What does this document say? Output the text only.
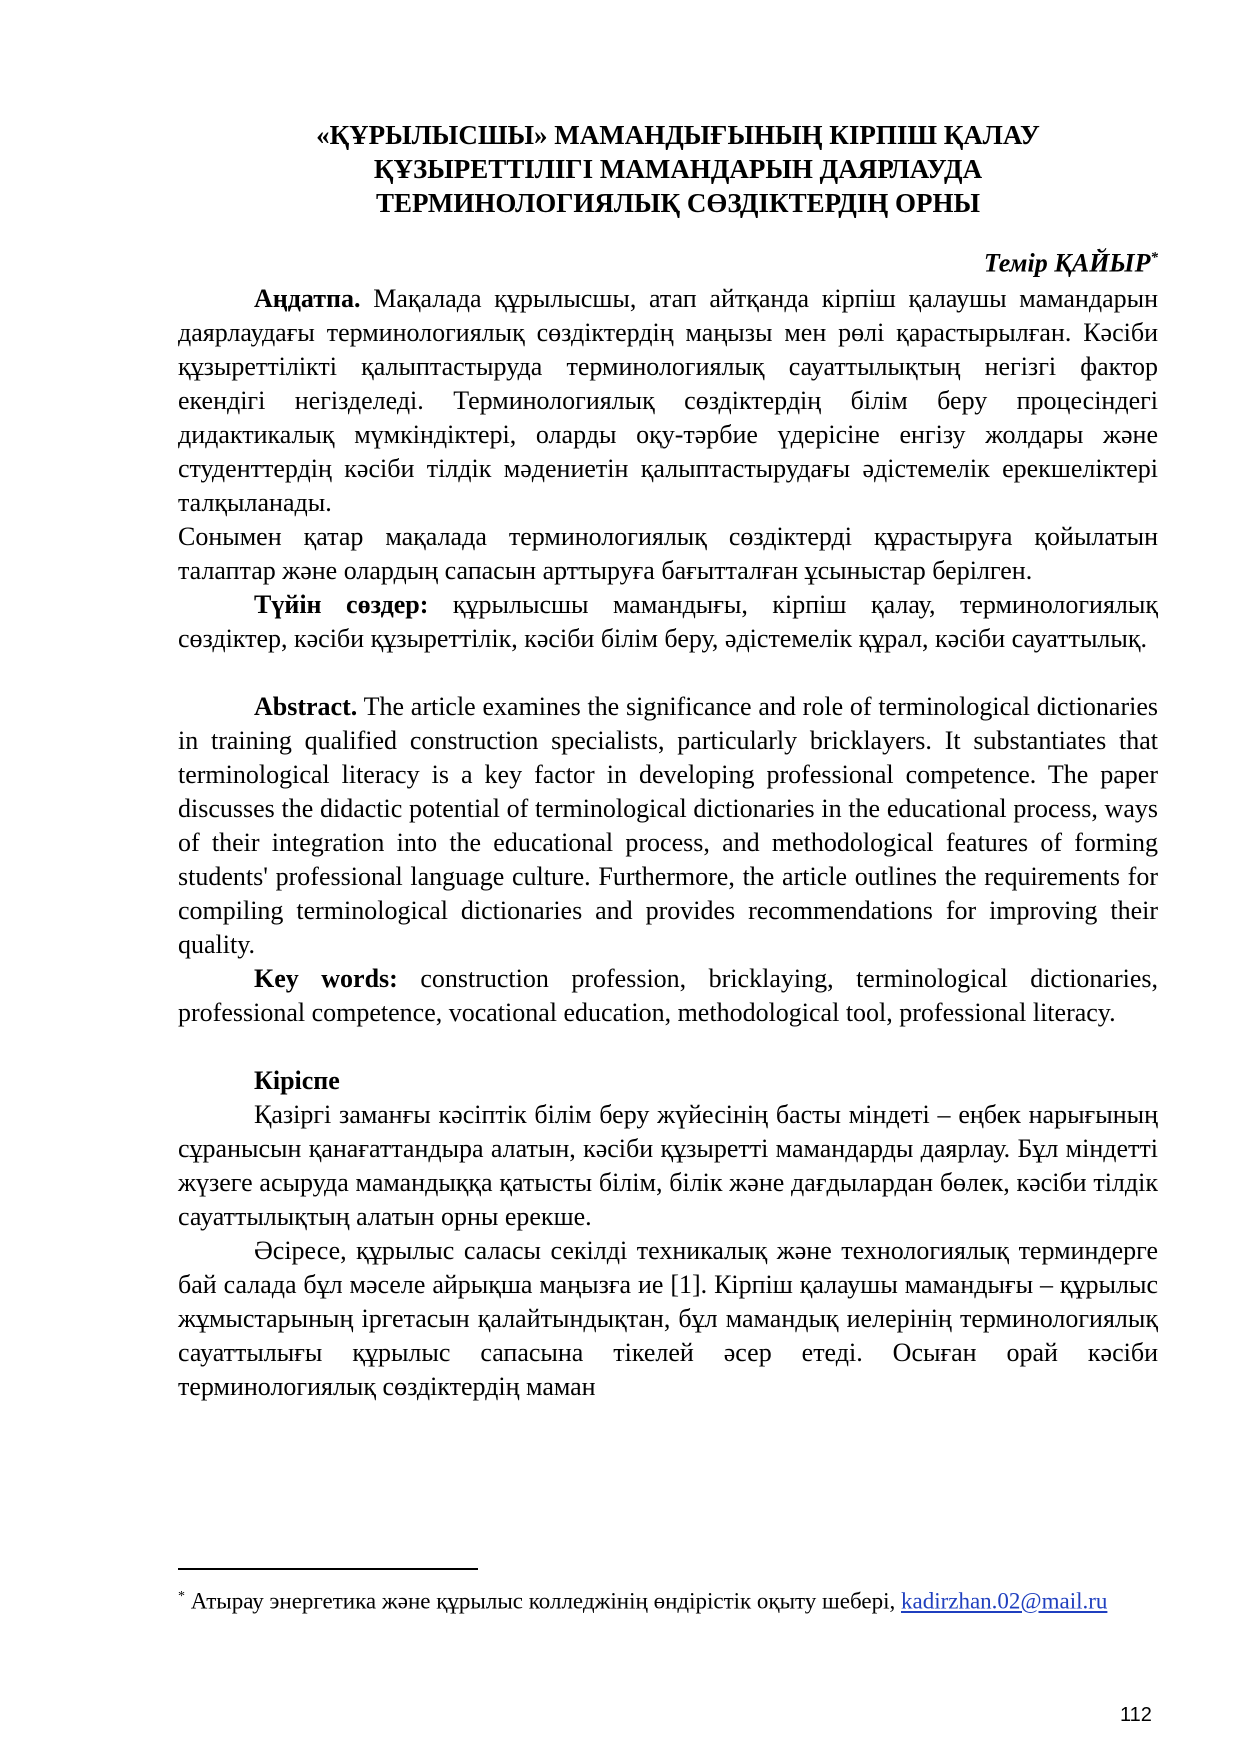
«ҚҰРЫЛЫСШЫ» МАМАНДЫҒЫНЫҢ КІРПІШ ҚАЛАУ
ҚҰЗЫРЕТТІЛІГІ МАМАНДАРЫН ДАЯРЛАУДА
ТЕРМИНОЛОГИЯЛЫҚ СӨЗДІКТЕРДІҢ ОРНЫ
Темір ҚАЙЫР*

Аңдатпа. Мақалада құрылысшы, атап айтқанда кірпіш қалаушы мамандарын даярлаудағы терминологиялық сөздіктердің маңызы мен рөлі қарастырылған. Кәсіби құзыреттілікті қалыптастыруда терминологиялық сауаттылықтың негізгі фактор екендігі негізделеді. Терминологиялық сөздіктердің білім беру процесіндегі дидактикалық мүмкіндіктері, оларды оқу-тәрбие үдерісіне енгізу жолдары және студенттердің кәсіби тілдік мәдениетін қалыптастырудағы әдістемелік ерекшеліктері талқыланады.

Сонымен қатар мақалада терминологиялық сөздіктерді құрастыруға қойылатын талаптар және олардың сапасын арттыруға бағытталған ұсыныстар берілген.

Түйін сөздер: құрылысшы мамандығы, кірпіш қалау, терминологиялық сөздіктер, кәсіби құзыреттілік, кәсіби білім беру, әдістемелік құрал, кәсіби сауаттылық.

Abstract. The article examines the significance and role of terminological dictionaries in training qualified construction specialists, particularly bricklayers. It substantiates that terminological literacy is a key factor in developing professional competence. The paper discusses the didactic potential of terminological dictionaries in the educational process, ways of their integration into the educational process, and methodological features of forming students' professional language culture. Furthermore, the article outlines the requirements for compiling terminological dictionaries and provides recommendations for improving their quality.

Key words: construction profession, bricklaying, terminological dictionaries, professional competence, vocational education, methodological tool, professional literacy.

Кіріспе

Қазіргі заманғы кәсіптік білім беру жүйесінің басты міндеті – еңбек нарығының сұранысын қанағаттандыра алатын, кәсіби құзыретті мамандарды даярлау. Бұл міндетті жүзеге асыруда мамандыққа қатысты білім, білік және дағдылардан бөлек, кәсіби тілдік сауаттылықтың алатын орны ерекше.

Әсіресе, құрылыс саласы секілді техникалық және технологиялық терминдерге бай салада бұл мәселе айрықша маңызға ие [1]. Кірпіш қалаушы мамандығы – құрылыс жұмыстарының іргетасын қалайтындықтан, бұл мамандық иелерінің терминологиялық сауаттылығы құрылыс сапасына тікелей әсер етеді. Осыған орай кәсіби терминологиялық сөздіктердің маман

* Атырау энергетика және құрылыс колледжінің өндірістік оқыту шебері, kadirzhan.02@mail.ru
112
